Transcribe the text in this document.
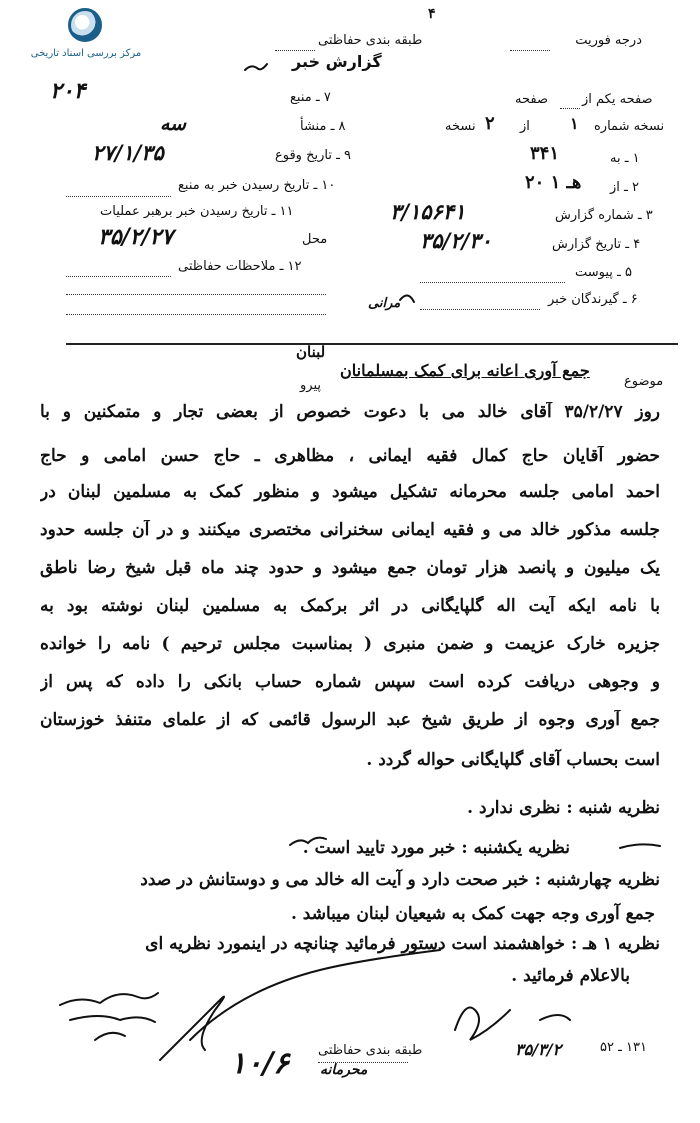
مرکز بررسی اسناد تاریخی
درجه فوریت
طبقه بندی حفاظتی
۴
گزارش خبر
۷ ـ منبع
۲۰۴
۸ ـ منشأ
سه
۹ ـ تاریخ وقوع
۲۷/۱/۳۵
۱۰ ـ تاریخ رسیدن خبر به منبع
۱۱ ـ تاریخ رسیدن خبر برهبر عملیات
محل
۳۵/۲/۲۷
۱۲ ـ ملاحظات حفاظتی
صفحه یکم از
صفحه
نسخه شماره
۱
از
۲
نسخه
۱ ـ به
۳۴۱
۲ ـ از
۲۰ هـ ۱
۳ ـ شماره گزارش
۳/۱۵۶۴۱
۴ ـ تاریخ گزارش
۳۵/۲/۳۰
۵ ـ پیوست
۶ ـ گیرندگان خبر
مرانی
لبنان
موضوع
جمع آوری اعانه برای کمک بمسلمانان
پیرو
روز ۳۵/۲/۲۷ آقای خالد می با دعوت خصوص از بعضی تجار و متمکنین و با
حضور آقایان حاج کمال فقیه ایمانی ، مظاهری ـ حاج حسن امامی و حاج
احمد امامی جلسه محرمانه تشکیل میشود و منظور کمک به مسلمین لبنان در
جلسه مذکور خالد می و فقیه ایمانی سخنرانی مختصری میکنند و در آن جلسه حدود
یک میلیون و پانصد هزار تومان جمع میشود و حدود چند ماه قبل شیخ رضا ناطق
با نامه ایکه آیت اله گلپایگانی در اثر برکمک به مسلمین لبنان نوشته بود به
جزیره خارک عزیمت و ضمن منبری ( بمناسبت مجلس ترحیم ) نامه را خوانده
و وجوهی دریافت کرده است سپس شماره حساب بانکی را داده که پس از
جمع آوری وجوه از طریق شیخ عبد الرسول قائمی که از علمای متنفذ خوزستان
است بحساب آقای گلپایگانی حواله گردد .
نظریه شنبه : نظری ندارد .
نظریه یکشنبه : خبر مورد تایید است .
نظریه چهارشنبه : خبر صحت دارد و آیت اله خالد می و دوستانش در صدد
جمع آوری وجه جهت کمک به شیعیان لبنان میباشد .
نظریه ۱ هـ : خواهشمند است دستور فرمائید چنانچه در اینمورد نظریه ای
بالاعلام فرمائید .
طبقه بندی حفاظتی
محرمانه
۱۰/۶	۳۵/۳/۲	۱۳۱ ـ ۵۲
